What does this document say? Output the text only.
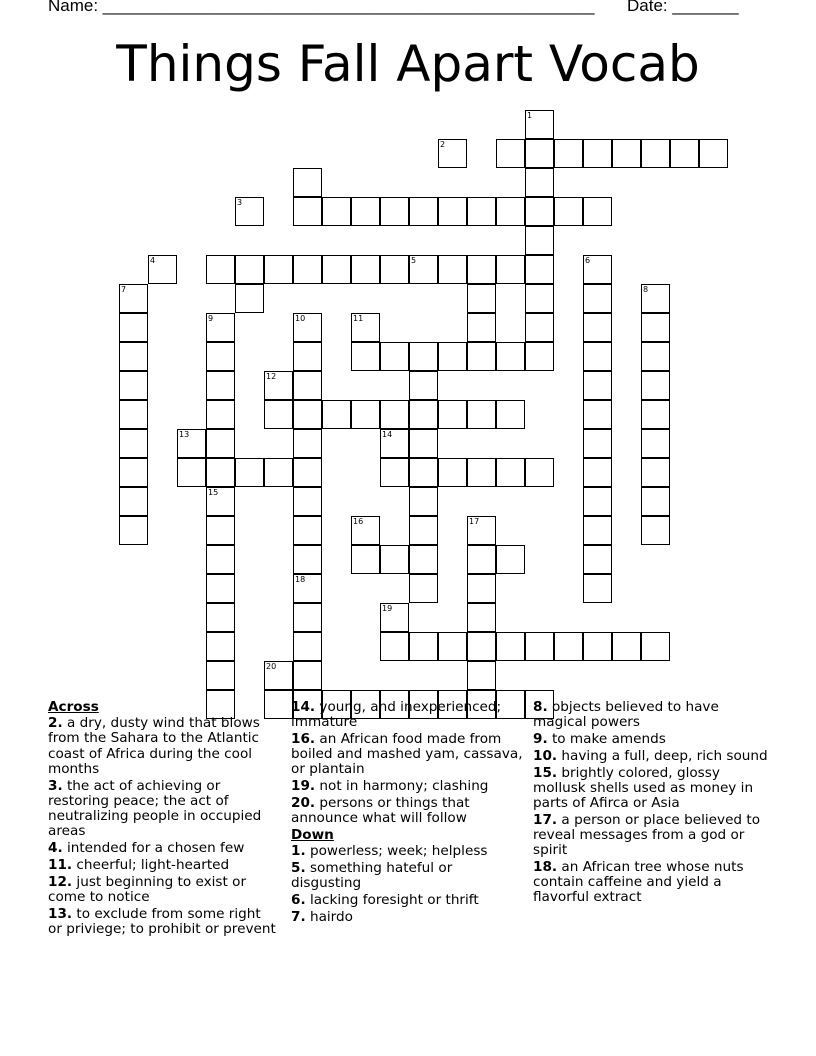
Name: ____________________________________________________ Date: _______
Things Fall Apart Vocab
1
5	6
7
2
3
4
8
9	10	11
12
13	14
15
16	17
18
19
20
Across
2. a dry, dusty wind that blows from the Sahara to the Atlantic coast of Africa during the cool months
3. the act of achieving or restoring peace; the act of neutralizing people in occupied areas
4. intended for a chosen few
11. cheerful; light-hearted
12. just beginning to exist or come to notice
13. to exclude from some right or priviege; to prohibit or prevent
14. young, and inexperienced; immature
16. an African food made from boiled and mashed yam, cassava, or plantain
19. not in harmony; clashing
20. persons or things that announce what will follow
Down
1. powerless; week; helpless
5. something hateful or disgusting
6. lacking foresight or thrift
7. hairdo
8. objects believed to have magical powers
9. to make amends
10. having a full, deep, rich sound
15. brightly colored, glossy mollusk shells used as money in parts of Afirca or Asia
17. a person or place believed to reveal messages from a god or spirit
18. an African tree whose nuts contain caffeine and yield a flavorful extract
